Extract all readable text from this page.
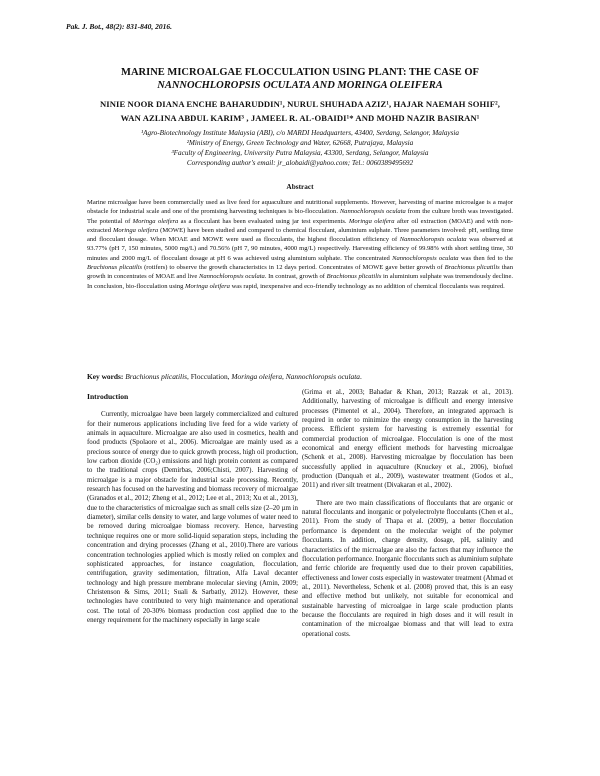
Pak. J. Bot., 48(2): 831-840, 2016.
MARINE MICROALGAE FLOCCULATION USING PLANT: THE CASE OF
NANNOCHLOROPSIS OCULATA AND MORINGA OLEIFERA
NINIE NOOR DIANA ENCHE BAHARUDDIN¹, NURUL SHUHADA AZIZ¹, HAJAR NAEMAH SOHIF²,
WAN AZLINA ABDUL KARIM³ , JAMEEL R. AL-OBAIDI¹* AND MOHD NAZIR BASIRAN¹
¹Agro-Biotechnology Institute Malaysia (ABI), c/o MARDI Headquarters, 43400, Serdang, Selangor, Malaysia
²Ministry of Energy, Green Technology and Water, 62668, Putrajaya, Malaysia
³Faculty of Engineering, University Putra Malaysia, 43300, Serdang, Selangor, Malaysia
Corresponding author's email: jr_alobaidi@yahoo.com; Tel.: 0060389495692
Abstract
Marine microalgae have been commercially used as live feed for aquaculture and nutritional supplements. However, harvesting of marine microalgae is a major obstacle for industrial scale and one of the promising harvesting techniques is bio-flocculation. Nannochloropsis oculata from the culture broth was investigated. The potential of Moringa oleifera as a flocculant has been evaluated using jar test experiments. Moringa oleifera after oil extraction (MOAE) and with non-extracted Moringa oleifera (MOWE) have been studied and compared to chemical flocculant, aluminium sulphate. Three parameters involved: pH, settling time and flocculant dosage. When MOAE and MOWE were used as flocculants, the highest flocculation efficiency of Nannochloropsis oculata was observed at 93.77% (pH 7, 150 minutes, 5000 mg/L) and 70.56% (pH 7, 90 minutes, 4000 mg/L) respectively. Harvesting efficiency of 99.98% with short settling time, 30 minutes and 2000 mg/L of flocculant dosage at pH 6 was achieved using aluminium sulphate. The concentrated Nannochloropsis oculata was then fed to the Brachionus plicatilis (rotifers) to observe the growth characteristics in 12 days period. Concentrates of MOWE gave better growth of Brachionus plicatilis than growth in concentrates of MOAE and live Nannochloropsis oculata. In contrast, growth of Brachionus plicatilis in aluminium sulphate was tremendously decline. In conclusion, bio-flocculation using Moringa oleifera was rapid, inexpensive and eco-friendly technology as no addition of chemical flocculants was required.
Key words: Brachionus plicatilis, Flocculation, Moringa oleifera, Nannochloropsis oculata.
Introduction

Currently, microalgae have been largely commercialized and cultured for their numerous applications including live feed for a wide variety of animals in aquaculture. Microalgae are also used in cosmetics, health and food products (Spolaore et al., 2006). Microalgae are mainly used as a precious source of energy due to quick growth process, high oil production, low carbon dioxide (CO₂) emissions and high protein content as compared to the traditional crops (Demirbas, 2006;Chisti, 2007). Harvesting of microalgae is a major obstacle for industrial scale processing. Recently, research has focused on the harvesting and biomass recovery of microalgae (Granados et al., 2012; Zheng et al., 2012; Lee et al., 2013; Xu et al., 2013), due to the characteristics of microalgae such as small cells size (2–20 µm in diameter), similar cells density to water, and large volumes of water need to be removed during microalgae biomass recovery. Hence, harvesting technique requires one or more solid-liquid separation steps, including the concentration and drying processes (Zhang et al., 2010).There are various concentration technologies applied which is mostly relied on complex and sophisticated approaches, for instance coagulation, flocculation, centrifugation, gravity sedimentation, filtration, Alfa Laval decanter technology and high pressure membrane molecular sieving (Amin, 2009; Christenson & Sims, 2011; Suali & Sarbatly, 2012). However, these technologies have contributed to very high maintenance and operational cost. The total of 20-30% biomass production cost applied due to the energy requirement for the machinery especially in large scale

(Grima et al., 2003; Bahadar & Khan, 2013; Razzak et al., 2013). Additionally, harvesting of microalgae is difficult and energy intensive processes (Pimentel et al., 2004). Therefore, an integrated approach is required in order to minimize the energy consumption in the harvesting process. Efficient system for harvesting is extremely essential for commercial production of microalgae. Flocculation is one of the most economical and energy efficient methods for harvesting microalgae (Schenk et al., 2008). Harvesting microalgae by flocculation has been successfully applied in aquaculture (Knuckey et al., 2006), biofuel production (Danquah et al., 2009), wastewater treatment (Godos et al., 2011) and river silt treatment (Divakaran et al., 2002).

There are two main classifications of flocculants that are organic or natural flocculants and inorganic or polyelectrolyte flocculants (Chen et al., 2011). From the study of Thapa et al. (2009), a better flocculation performance is dependent on the molecular weight of the polymer flocculants. In addition, charge density, dosage, pH, salinity and characteristics of the microalgae are also the factors that may influence the flocculation performance. Inorganic flocculants such as aluminium sulphate and ferric chloride are frequently used due to their proven capabilities, effectiveness and lower costs especially in wastewater treatment (Ahmad et al., 2011). Nevertheless, Schenk et al. (2008) proved that, this is an easy and effective method but unlikely, not suitable for economical and sustainable harvesting of microalgae in large scale production plants because the flocculants are required in high doses and it will result in contamination of the microalgae biomass and that will lead to extra operational costs.
